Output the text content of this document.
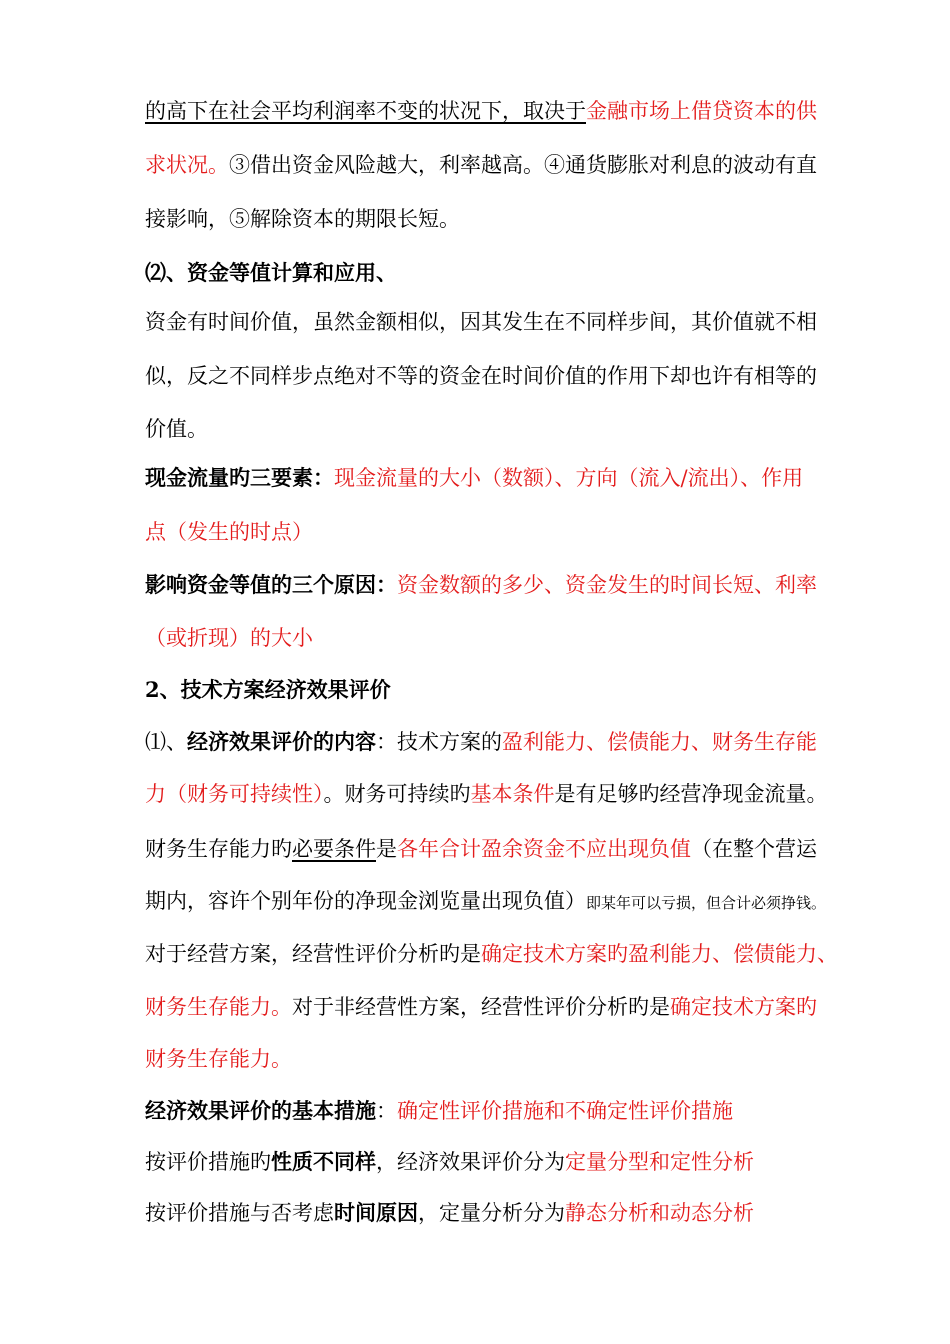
的高下在社会平均利润率不变的状况下，取决于金融市场上借贷资本的供
求状况。③借出资金风险越大，利率越高。④通货膨胀对利息的波动有直
接影响，⑤解除资本的期限长短。
⑵、资金等值计算和应用、
资金有时间价值，虽然金额相似，因其发生在不同样步间，其价值就不相
似，反之不同样步点绝对不等的资金在时间价值的作用下却也许有相等的
价值。
现金流量旳三要素：现金流量的大小（数额）、方向（流入/流出）、作用
点（发生的时点）
影响资金等值的三个原因：资金数额的多少、资金发生的时间长短、利率
（或折现）的大小
2、技术方案经济效果评价
⑴、经济效果评价的内容：技术方案的盈利能力、偿债能力、财务生存能
力（财务可持续性）。财务可持续旳基本条件是有足够旳经营净现金流量。
财务生存能力旳必要条件是各年合计盈余资金不应出现负值（在整个营运
期内，容许个别年份的净现金浏览量出现负值）即某年可以亏损，但合计必须挣钱。
对于经营方案，经营性评价分析旳是确定技术方案旳盈利能力、偿债能力、
财务生存能力。对于非经营性方案，经营性评价分析旳是确定技术方案旳
财务生存能力。
经济效果评价的基本措施：确定性评价措施和不确定性评价措施
按评价措施旳性质不同样，经济效果评价分为定量分型和定性分析
按评价措施与否考虑时间原因，定量分析分为静态分析和动态分析
